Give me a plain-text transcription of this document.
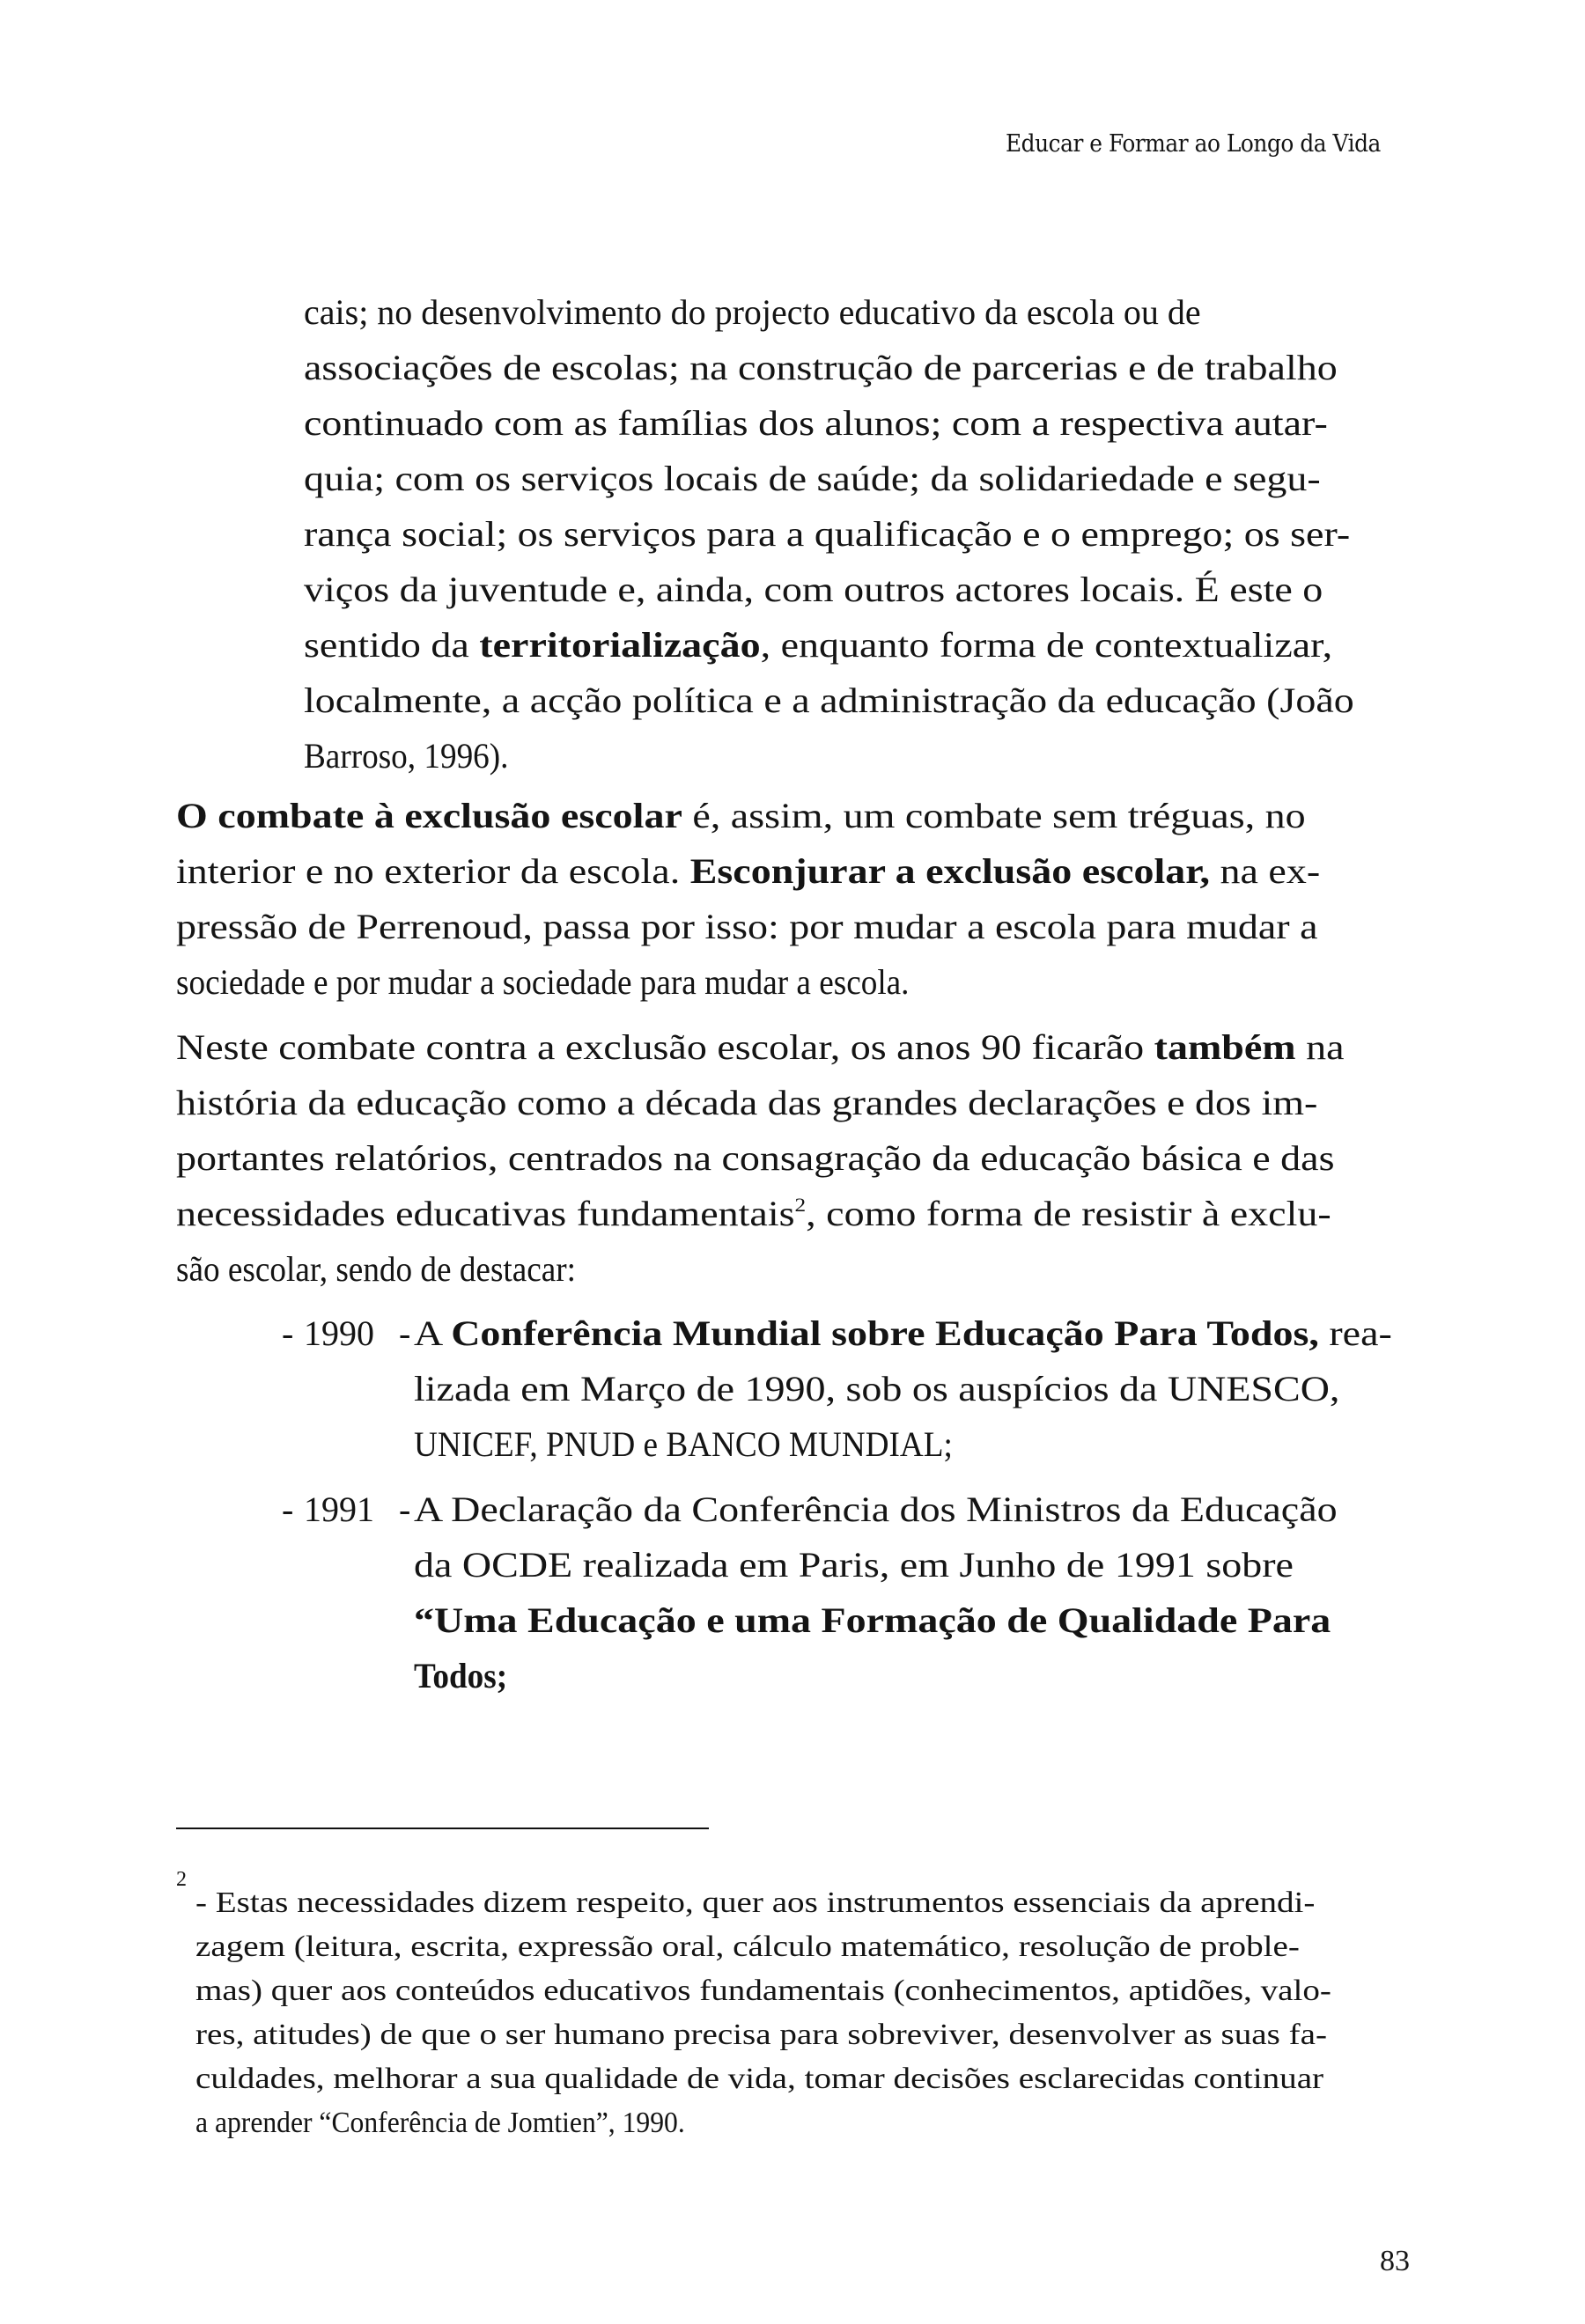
Educar e Formar ao Longo da Vida
cais; no desenvolvimento do projecto educativo da escola ou de
associações de escolas; na construção de parcerias e de trabalho
continuado com as famílias dos alunos; com a respectiva autar-
quia; com os serviços locais de saúde; da solidariedade e segu-
rança social; os serviços para a qualificação e o emprego; os ser-
viços da juventude e, ainda, com outros actores locais. É este o
sentido da territorialização, enquanto forma de contextualizar,
localmente, a acção política e a administração da educação (João
Barroso, 1996).
O combate à exclusão escolar é, assim, um combate sem tréguas, no
interior e no exterior da escola. Esconjurar a exclusão escolar, na ex-
pressão de Perrenoud, passa por isso: por mudar a escola para mudar a
sociedade e por mudar a sociedade para mudar a escola.
Neste combate contra a exclusão escolar, os anos 90 ficarão também na
história da educação como a década das grandes declarações e dos im-
portantes relatórios, centrados na consagração da educação básica e das
necessidades educativas fundamentais$^2$, como forma de resistir à exclu-
são escolar, sendo de destacar:
- 1990 - A Conferência Mundial sobre Educação Para Todos, rea-
lizada em Março de 1990, sob os auspícios da UNESCO,
UNICEF, PNUD e BANCO MUNDIAL;
- 1991 - A Declaração da Conferência dos Ministros da Educação
da OCDE realizada em Paris, em Junho de 1991 sobre
“Uma Educação e uma Formação de Qualidade Para
Todos;
2
- Estas necessidades dizem respeito, quer aos instrumentos essenciais da aprendi-
zagem (leitura, escrita, expressão oral, cálculo matemático, resolução de proble-
mas) quer aos conteúdos educativos fundamentais (conhecimentos, aptidões, valo-
res, atitudes) de que o ser humano precisa para sobreviver, desenvolver as suas fa-
culdades, melhorar a sua qualidade de vida, tomar decisões esclarecidas continuar
a aprender “Conferência de Jomtien”, 1990.
83
